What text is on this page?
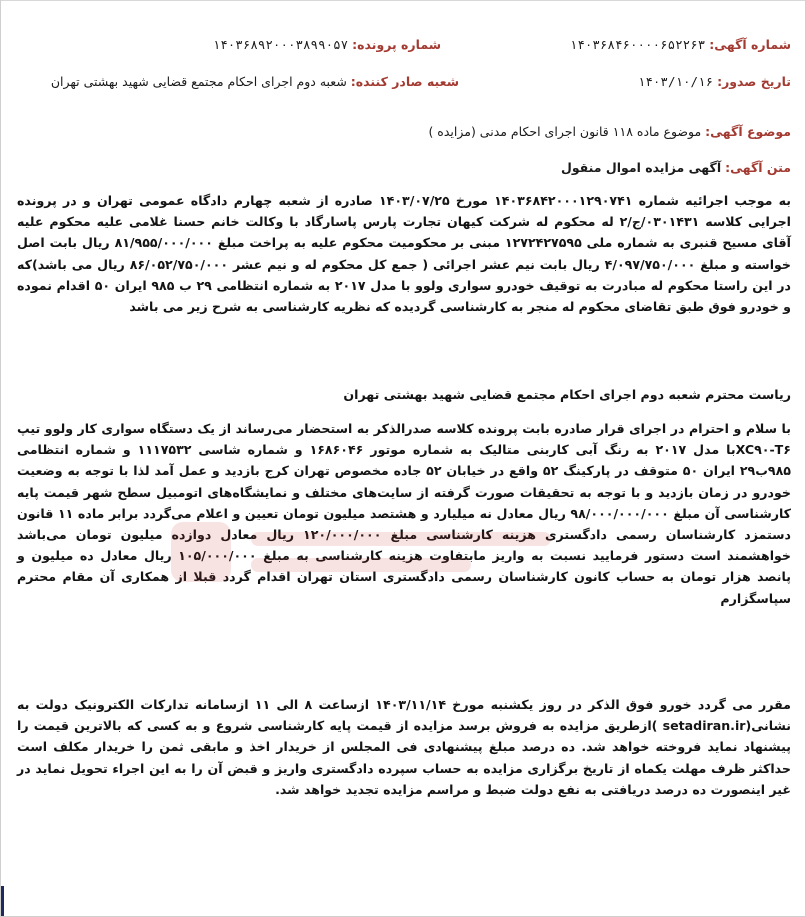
شماره آگهی: ۱۴۰۳۶۸۴۶۰۰۰۰۶۵۲۲۶۳
شماره پرونده: ۱۴۰۳۶۸۹۲۰۰۰۳۸۹۹۰۵۷
تاریخ صدور: ۱۴۰۳/۱۰/۱۶
شعبه صادر کننده: شعبه دوم اجرای احکام مجتمع قضایی شهید بهشتی تهران
موضوع آگهی: موضوع ماده ۱۱۸ قانون اجرای احکام مدنی (مزایده )
متن آگهی: آگهی مزایده اموال منقول

به موجب اجرائیه شماره ۱۴۰۳۶۸۴۲۰۰۰۱۲۹۰۷۴۱ مورخ ۱۴۰۳/۰۷/۲۵ صادره از شعبه چهارم دادگاه عمومی تهران و در پرونده اجرایی کلاسه ۰۳۰۱۴۳۱/ج/۲ له محکوم له شرکت کیهان تجارت پارس پاسارگاد با وکالت خانم حسنا غلامی علیه محکوم علیه آقای مسیح قنبری به شماره ملی ۱۲۷۲۴۲۷۵۹۵ مبنی بر محکومیت محکوم علیه به پراخت مبلغ ۸۱/۹۵۵/۰۰۰/۰۰۰ ریال بابت اصل خواسته و مبلغ ۴/۰۹۷/۷۵۰/۰۰۰ ریال بابت نیم عشر اجرائی ( جمع کل محکوم له و نیم عشر ۸۶/۰۵۲/۷۵۰/۰۰۰ ریال می باشد)که در این راستا محکوم له مبادرت به توقیف خودرو سواری ولوو با مدل ۲۰۱۷ به شماره انتظامی ۲۹ ب ۹۸۵ ایران ۵۰ اقدام نموده و خودرو فوق طبق تقاضای محکوم له منجر به کارشناسی گردیده که نظریه کارشناسی به شرح زیر می باشد

ریاست محترم شعبه دوم اجرای احکام مجتمع قضایی شهید بهشتی تهران

با سلام و احترام در اجرای قرار صادره بابت پرونده کلاسه صدرالذکر به استحضار می‌رساند از یک دستگاه سواری کار ولوو تیپ XC۹۰-T۶با مدل ۲۰۱۷ به رنگ آبی کاربنی متالیک به شماره موتور ۱۶۸۶۰۴۶ و شماره شاسی ۱۱۱۷۵۳۲ و شماره انتظامی ۹۸۵ب۲۹ ایران ۵۰ متوقف در پارکینگ ۵۲ واقع در خیابان ۵۲ جاده مخصوص تهران کرج بازدید و عمل آمد لذا با توجه به وضعیت خودرو در زمان بازدید و با توجه به تحقیقات صورت گرفته از سایت‌های مختلف و نمایشگاه‌های اتومبیل سطح شهر قیمت پایه کارشناسی آن مبلغ ۹۸/۰۰۰/۰۰۰/۰۰۰ ریال معادل نه میلیارد و هشتصد میلیون تومان تعیین و اعلام می‌گردد برابر ماده ۱۱ قانون دستمزد کارشناسان رسمی دادگستری هزینه کارشناسی مبلغ ۱۲۰/۰۰۰/۰۰۰ ریال معادل دوازده میلیون تومان می‌باشد خواهشمند است دستور فرمایید نسبت به واریز مابتفاوت هزینه کارشناسی به مبلغ ۱۰۵/۰۰۰/۰۰۰ ریال معادل ده میلیون و پانصد هزار تومان به حساب کانون کارشناسان رسمی دادگستری استان تهران اقدام گردد قبلا از همکاری آن مقام محترم سپاسگزارم

مقرر می گردد خورو فوق الذکر در روز یکشنبه مورخ ۱۴۰۳/۱۱/۱۴ ازساعت ۸ الی ۱۱ ازسامانه تدارکات الکترونیک دولت به نشانی(setadiran.ir )ازطریق مزایده به فروش برسد مزایده از قیمت پایه کارشناسی شروع و به کسی که بالاترین قیمت را پیشنهاد نماید فروخته خواهد شد. ده درصد مبلغ پیشنهادی فی المجلس از خریدار اخذ و مابقی ثمن را خریدار مکلف است حداکثر ظرف مهلت یکماه از تاریخ برگزاری مزایده به حساب سپرده دادگستری واریز و قبض آن را به این اجراء تحویل نماید در غیر اینصورت ده درصد دریافتی به نفع دولت ضبط و مراسم مزایده تجدید خواهد شد.
